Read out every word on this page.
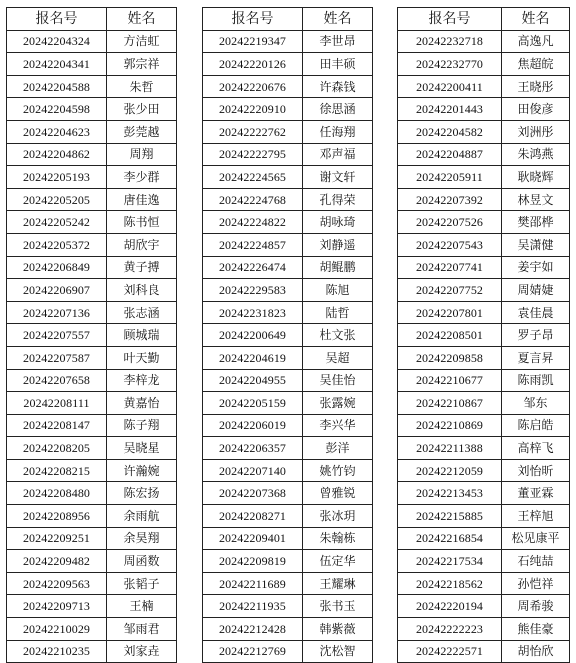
报名号	姓名
20242204324	方洁虹
20242204341	郭宗祥
20242204588	朱哲
20242204598	张少田
20242204623	彭莞越
20242204862	周翔
20242205193	李少群
20242205205	唐佳逸
20242205242	陈书恒
20242205372	胡欣宇
20242206849	黄子搏
20242206907	刘科良
20242207136	张志涵
20242207557	顾城瑞
20242207587	叶天勤
20242207658	李梓龙
20242208111	黄嘉怡
20242208147	陈子翔
20242208205	吴晓星
20242208215	许瀚婉
20242208480	陈宏扬
20242208956	余雨航
20242209251	余昊翔
20242209482	周函数
20242209563	张韬子
20242209713	王楠
20242210029	邹雨君
20242210235	刘家垚
报名号	姓名
20242219347	李世昂
20242220126	田丰硕
20242220676	许森钱
20242220910	徐思涵
20242222762	任海翔
20242222795	邓声福
20242224565	谢文轩
20242224768	孔得荣
20242224822	胡咏琦
20242224857	刘静遥
20242226474	胡鲲鹏
20242229583	陈旭
20242231823	陆哲
20242200649	杜文张
20242204619	吴超
20242204955	吴佳怡
20242205159	张露婉
20242206019	李兴华
20242206357	彭洋
20242207140	姚竹钧
20242207368	曾雅锐
20242208271	张冰玥
20242209401	朱翰栋
20242209819	伍定华
20242211689	王耀琳
20242211935	张书玉
20242212428	韩紫薇
20242212769	沈松智
报名号	姓名
20242232718	高逸凡
20242232770	焦超皖
20242200411	王晓彤
20242201443	田俊彦
20242204582	刘洲彤
20242204887	朱鸿燕
20242205911	耿晓辉
20242207392	林昱文
20242207526	樊邵桦
20242207543	吴潇健
20242207741	姜宇如
20242207752	周婧婕
20242207801	袁佳晨
20242208501	罗子昂
20242209858	夏言昇
20242210677	陈雨凯
20242210867	邹东
20242210869	陈启皓
20242211388	高梓飞
20242212059	刘怡昕
20242213453	董亚霖
20242215885	王梓旭
20242216854	松见康平
20242217534	石纯喆
20242218562	孙恺祥
20242220194	周希骏
20242222223	熊佳豪
20242222571	胡怡欣
